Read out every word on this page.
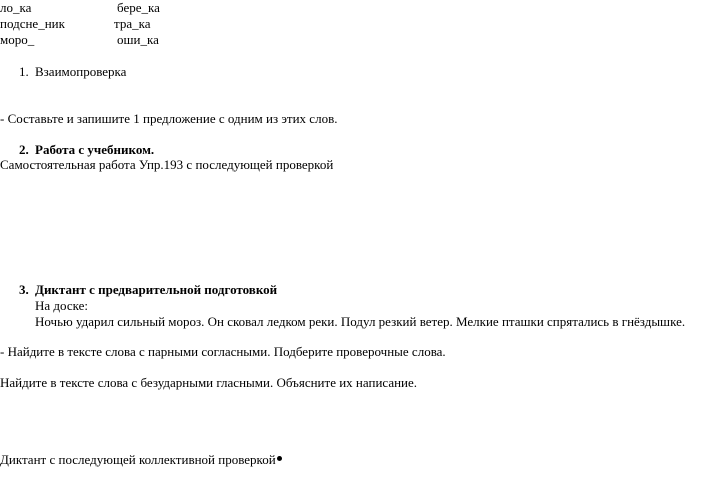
ло_ка	бере_ка
подсне_ник	тра_ка
моро_	оши_ка
1. Взаимопроверка
- Составьте и запишите 1 предложение с одним из этих слов.
2. Работа с учебником.
Самостоятельная работа Упр.193 с последующей проверкой
3. Диктант с предварительной подготовкой
На доске:
Ночью ударил сильный мороз. Он сковал ледком реки. Подул резкий ветер. Мелкие пташки спрятались в гнёздышке.
- Найдите в тексте слова с парными согласными. Подберите проверочные слова.
Найдите в тексте слова с безударными гласными. Объясните их написание.
Диктант с последующей коллективной проверкой
